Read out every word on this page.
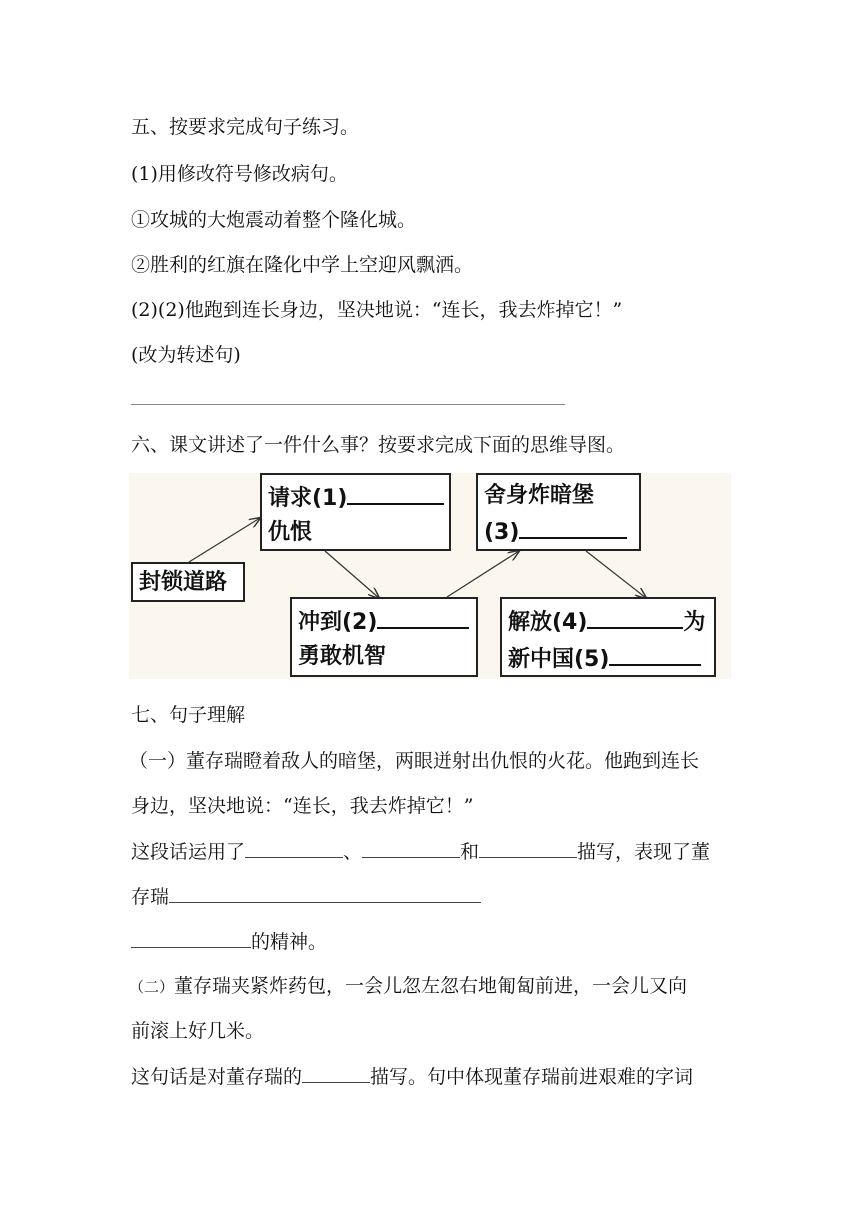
五、按要求完成句子练习。
(1)用修改符号修改病句。
①攻城的大炮震动着整个隆化城。
②胜利的红旗在隆化中学上空迎风飘洒。
(2)(2)他跑到连长身边，坚决地说：“连长，我去炸掉它！”
(改为转述句)
六、课文讲述了一件什么事？按要求完成下面的思维导图。
封锁道路
请求(1)
仇恨
冲到(2)
勇敢机智
舍身炸暗堡
(3)
解放(4)	为
新中国(5)
七、句子理解
（一）董存瑞瞪着敌人的暗堡，两眼迸射出仇恨的火花。他跑到连长
身边，坚决地说：“连长，我去炸掉它！”
这段话运用了	、	和	描写，表现了董
存瑞
的精神。
（二）董存瑞夹紧炸药包，一会儿忽左忽右地匍匐前进，一会儿又向
前滚上好几米。
这句话是对董存瑞的	描写。句中体现董存瑞前进艰难的字词
